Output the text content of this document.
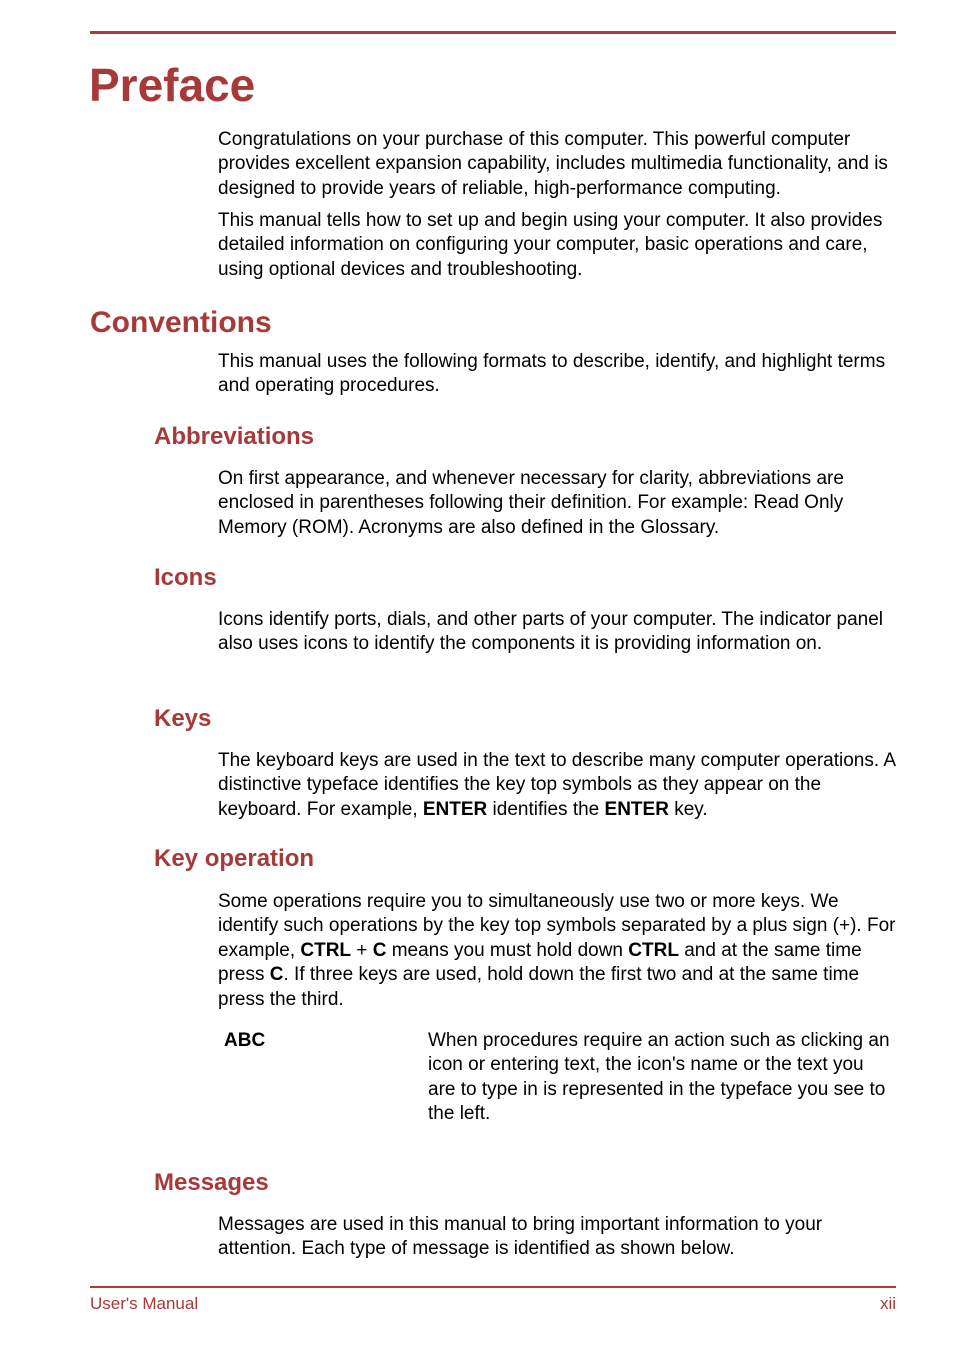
Preface

Congratulations on your purchase of this computer. This powerful computer provides excellent expansion capability, includes multimedia functionality, and is designed to provide years of reliable, high-performance computing.

This manual tells how to set up and begin using your computer. It also provides detailed information on configuring your computer, basic operations and care, using optional devices and troubleshooting.

Conventions

This manual uses the following formats to describe, identify, and highlight terms and operating procedures.

Abbreviations

On first appearance, and whenever necessary for clarity, abbreviations are enclosed in parentheses following their definition. For example: Read Only Memory (ROM). Acronyms are also defined in the Glossary.

Icons

Icons identify ports, dials, and other parts of your computer. The indicator panel also uses icons to identify the components it is providing information on.

Keys

The keyboard keys are used in the text to describe many computer operations. A distinctive typeface identifies the key top symbols as they appear on the keyboard. For example, ENTER identifies the ENTER key.

Key operation

Some operations require you to simultaneously use two or more keys. We identify such operations by the key top symbols separated by a plus sign (+). For example, CTRL + C means you must hold down CTRL and at the same time press C. If three keys are used, hold down the first two and at the same time press the third.

ABC	When procedures require an action such as clicking an icon or entering text, the icon's name or the text you are to type in is represented in the typeface you see to the left.
Messages

Messages are used in this manual to bring important information to your attention. Each type of message is identified as shown below.

User's Manual	xii
